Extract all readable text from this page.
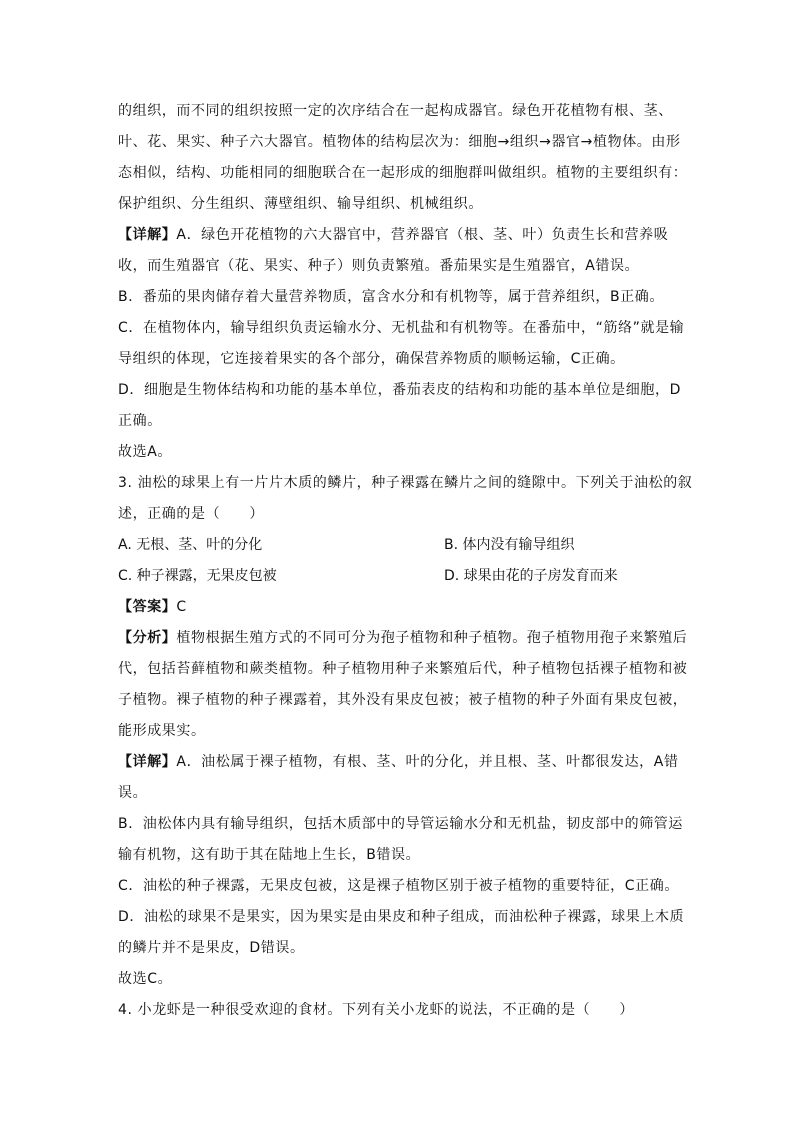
的组织，而不同的组织按照一定的次序结合在一起构成器官。绿色开花植物有根、茎、
叶、花、果实、种子六大器官。植物体的结构层次为：细胞→组织→器官→植物体。由形
态相似，结构、功能相同的细胞联合在一起形成的细胞群叫做组织。植物的主要组织有：
保护组织、分生组织、薄壁组织、输导组织、机械组织。
【详解】A．绿色开花植物的六大器官中，营养器官（根、茎、叶）负责生长和营养吸
收，而生殖器官（花、果实、种子）则负责繁殖。番茄果实是生殖器官，A错误。
B．番茄的果肉储存着大量营养物质，富含水分和有机物等，属于营养组织，B正确。
C．在植物体内，输导组织负责运输水分、无机盐和有机物等。在番茄中，“筋络”就是输
导组织的体现，它连接着果实的各个部分，确保营养物质的顺畅运输，C正确。
D．细胞是生物体结构和功能的基本单位，番茄表皮的结构和功能的基本单位是细胞，D
正确。
故选A。
3. 油松的球果上有一片片木质的鳞片，种子裸露在鳞片之间的缝隙中。下列关于油松的叙
述，正确的是（　　）
A. 无根、茎、叶的分化	B. 体内没有输导组织
C. 种子裸露，无果皮包被	D. 球果由花的子房发育而来
【答案】C
【分析】植物根据生殖方式的不同可分为孢子植物和种子植物。孢子植物用孢子来繁殖后
代，包括苔藓植物和蕨类植物。种子植物用种子来繁殖后代，种子植物包括裸子植物和被
子植物。裸子植物的种子裸露着，其外没有果皮包被；被子植物的种子外面有果皮包被，
能形成果实。
【详解】A．油松属于裸子植物，有根、茎、叶的分化，并且根、茎、叶都很发达，A错
误。
B．油松体内具有输导组织，包括木质部中的导管运输水分和无机盐，韧皮部中的筛管运
输有机物，这有助于其在陆地上生长，B错误。
C．油松的种子裸露，无果皮包被，这是裸子植物区别于被子植物的重要特征，C正确。
D．油松的球果不是果实，因为果实是由果皮和种子组成，而油松种子裸露，球果上木质
的鳞片并不是果皮，D错误。
故选C。
4. 小龙虾是一种很受欢迎的食材。下列有关小龙虾的说法，不正确的是（　　）
